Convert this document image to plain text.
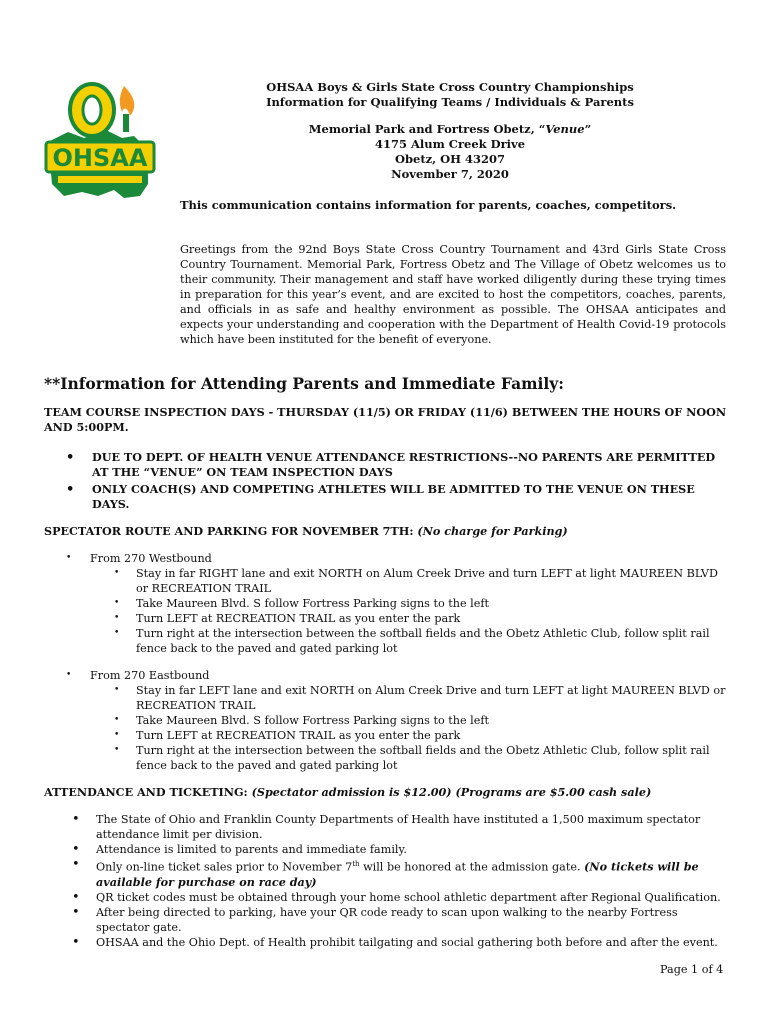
OHSAA
OHSAA Boys & Girls State Cross Country Championships
Information for Qualifying Teams / Individuals & Parents
Memorial Park and Fortress Obetz, “Venue”
4175 Alum Creek Drive
Obetz, OH 43207
November 7, 2020
This communication contains information for parents, coaches, competitors.

Greetings from the 92nd Boys State Cross Country Tournament and 43rd Girls State Cross Country Tournament. Memorial Park, Fortress Obetz and The Village of Obetz welcomes us to their community. Their management and staff have worked diligently during these trying times in preparation for this year’s event, and are excited to host the competitors, coaches, parents, and officials in as safe and healthy environment as possible. The OHSAA anticipates and expects your understanding and cooperation with the Department of Health Covid-19 protocols which have been instituted for the benefit of everyone.

**Information for Attending Parents and Immediate Family:

TEAM COURSE INSPECTION DAYS - THURSDAY (11/5) OR FRIDAY (11/6) BETWEEN THE HOURS OF NOON AND 5:00PM.

• DUE TO DEPT. OF HEALTH VENUE ATTENDANCE RESTRICTIONS--NO PARENTS ARE PERMITTED AT THE “VENUE” ON TEAM INSPECTION DAYS
• ONLY COACH(S) AND COMPETING ATHLETES WILL BE ADMITTED TO THE VENUE ON THESE DAYS.

SPECTATOR ROUTE AND PARKING FOR NOVEMBER 7TH: (No charge for Parking)

• From 270 Westbound
• Stay in far RIGHT lane and exit NORTH on Alum Creek Drive and turn LEFT at light MAUREEN BLVD or RECREATION TRAIL
• Take Maureen Blvd. S follow Fortress Parking signs to the left
• Turn LEFT at RECREATION TRAIL as you enter the park
• Turn right at the intersection between the softball fields and the Obetz Athletic Club, follow split rail fence back to the paved and gated parking lot
• From 270 Eastbound
• Stay in far LEFT lane and exit NORTH on Alum Creek Drive and turn LEFT at light MAUREEN BLVD or RECREATION TRAIL
• Take Maureen Blvd. S follow Fortress Parking signs to the left
• Turn LEFT at RECREATION TRAIL as you enter the park
• Turn right at the intersection between the softball fields and the Obetz Athletic Club, follow split rail fence back to the paved and gated parking lot

ATTENDANCE AND TICKETING: (Spectator admission is $12.00) (Programs are $5.00 cash sale)

• The State of Ohio and Franklin County Departments of Health have instituted a 1,500 maximum spectator attendance limit per division.
• Attendance is limited to parents and immediate family.
• Only on-line ticket sales prior to November 7th will be honored at the admission gate. (No tickets will be available for purchase on race day)
• QR ticket codes must be obtained through your home school athletic department after Regional Qualification.
• After being directed to parking, have your QR code ready to scan upon walking to the nearby Fortress spectator gate.
• OHSAA and the Ohio Dept. of Health prohibit tailgating and social gathering both before and after the event.
Page 1 of 4
